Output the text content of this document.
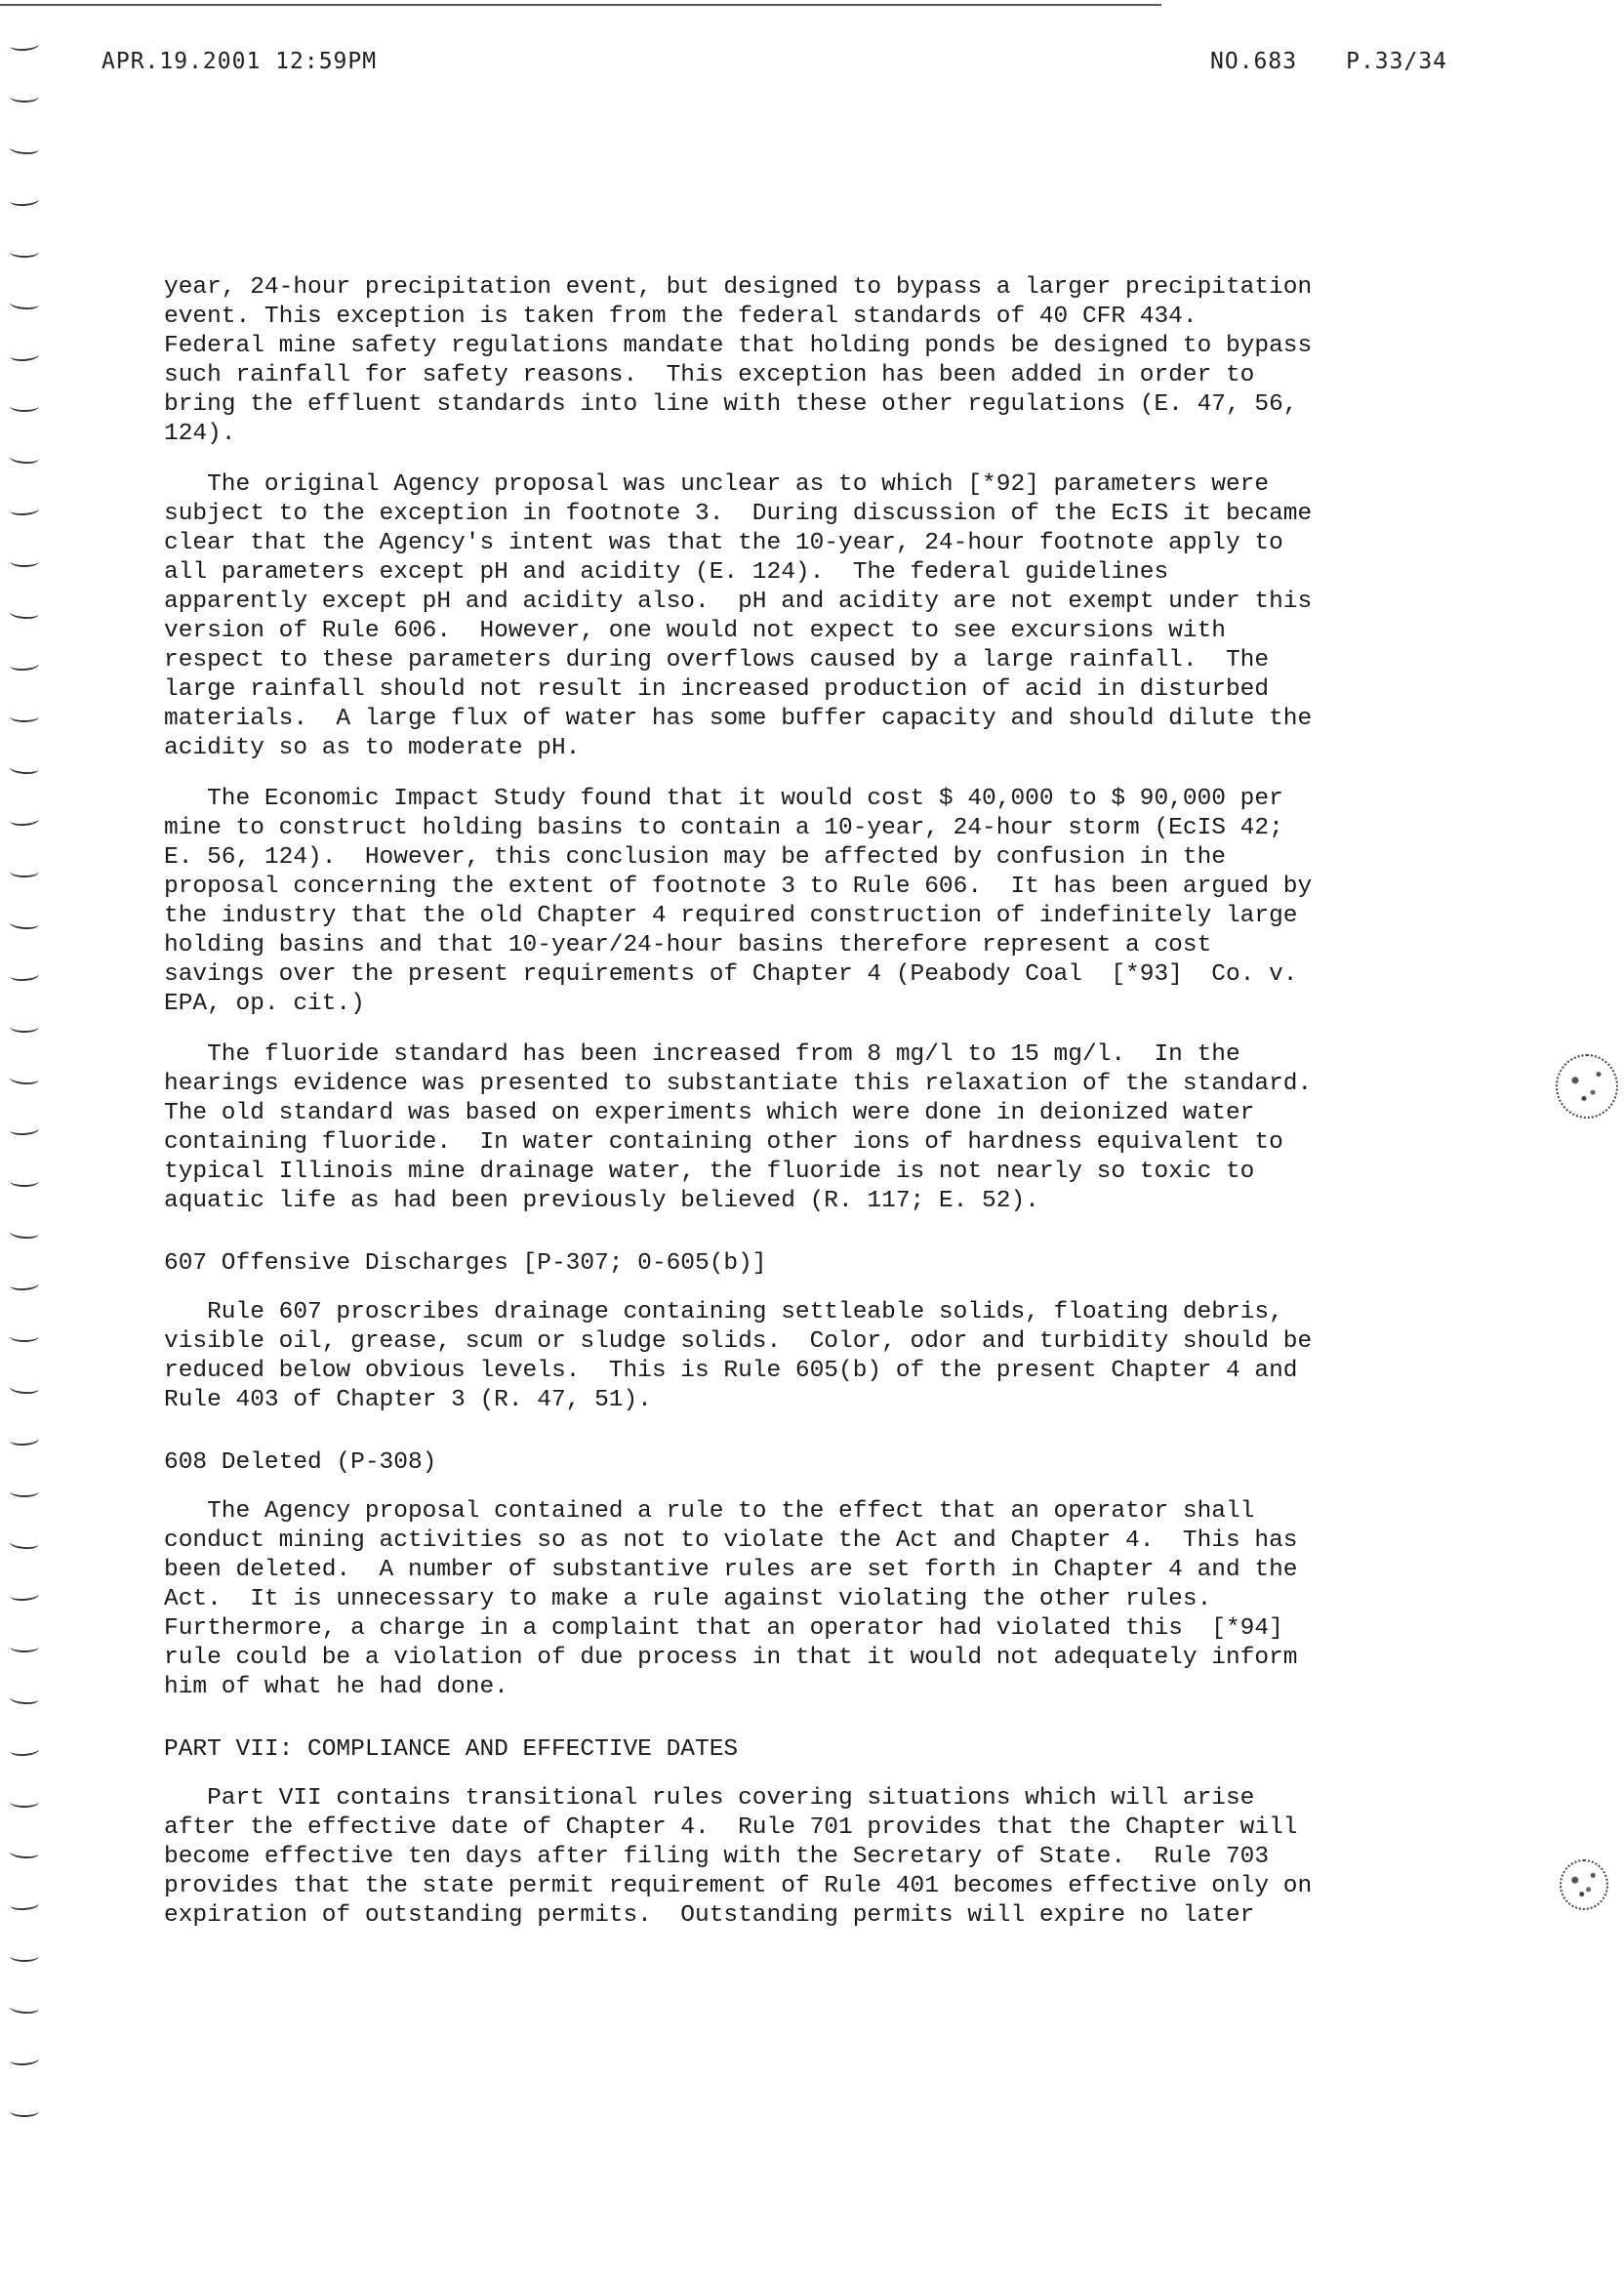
APR.19.2001 12:59PM	NO.683 P.33/34

year, 24-hour precipitation event, but designed to bypass a larger precipitation
event. This exception is taken from the federal standards of 40 CFR 434.
Federal mine safety regulations mandate that holding ponds be designed to bypass
such rainfall for safety reasons.  This exception has been added in order to
bring the effluent standards into line with these other regulations (E. 47, 56,
124).

The original Agency proposal was unclear as to which [*92] parameters were
subject to the exception in footnote 3.  During discussion of the EcIS it became
clear that the Agency's intent was that the 10-year, 24-hour footnote apply to
all parameters except pH and acidity (E. 124).  The federal guidelines
apparently except pH and acidity also.  pH and acidity are not exempt under this
version of Rule 606.  However, one would not expect to see excursions with
respect to these parameters during overflows caused by a large rainfall.  The
large rainfall should not result in increased production of acid in disturbed
materials.  A large flux of water has some buffer capacity and should dilute the
acidity so as to moderate pH.

The Economic Impact Study found that it would cost $ 40,000 to $ 90,000 per
mine to construct holding basins to contain a 10-year, 24-hour storm (EcIS 42;
E. 56, 124).  However, this conclusion may be affected by confusion in the
proposal concerning the extent of footnote 3 to Rule 606.  It has been argued by
the industry that the old Chapter 4 required construction of indefinitely large
holding basins and that 10-year/24-hour basins therefore represent a cost
savings over the present requirements of Chapter 4 (Peabody Coal  [*93]  Co. v.
EPA, op. cit.)

The fluoride standard has been increased from 8 mg/l to 15 mg/l.  In the
hearings evidence was presented to substantiate this relaxation of the standard.
The old standard was based on experiments which were done in deionized water
containing fluoride.  In water containing other ions of hardness equivalent to
typical Illinois mine drainage water, the fluoride is not nearly so toxic to
aquatic life as had been previously believed (R. 117; E. 52).

607 Offensive Discharges [P-307; 0-605(b)]

Rule 607 proscribes drainage containing settleable solids, floating debris,
visible oil, grease, scum or sludge solids.  Color, odor and turbidity should be
reduced below obvious levels.  This is Rule 605(b) of the present Chapter 4 and
Rule 403 of Chapter 3 (R. 47, 51).

608 Deleted (P-308)

The Agency proposal contained a rule to the effect that an operator shall
conduct mining activities so as not to violate the Act and Chapter 4.  This has
been deleted.  A number of substantive rules are set forth in Chapter 4 and the
Act.  It is unnecessary to make a rule against violating the other rules.
Furthermore, a charge in a complaint that an operator had violated this  [*94]
rule could be a violation of due process in that it would not adequately inform
him of what he had done.

PART VII: COMPLIANCE AND EFFECTIVE DATES

Part VII contains transitional rules covering situations which will arise
after the effective date of Chapter 4.  Rule 701 provides that the Chapter will
become effective ten days after filing with the Secretary of State.  Rule 703
provides that the state permit requirement of Rule 401 becomes effective only on
expiration of outstanding permits.  Outstanding permits will expire no later
